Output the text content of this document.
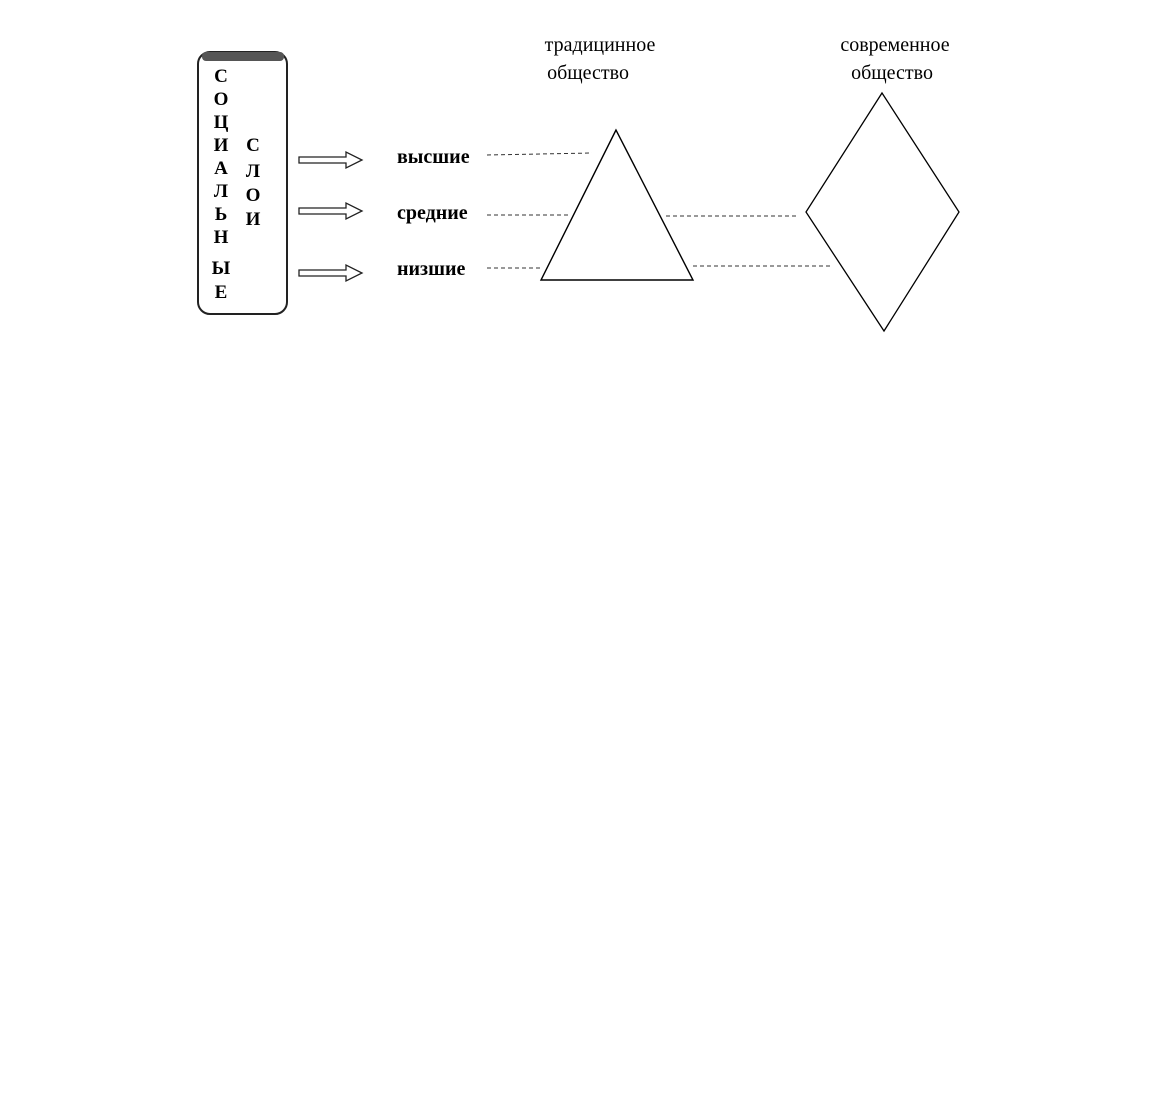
С
О
Ц
И
А
Л
Ь
Н
Ы
Е
С
Л
О
И
высшие
средние
низшие
традицинное
общество
современное
общество
